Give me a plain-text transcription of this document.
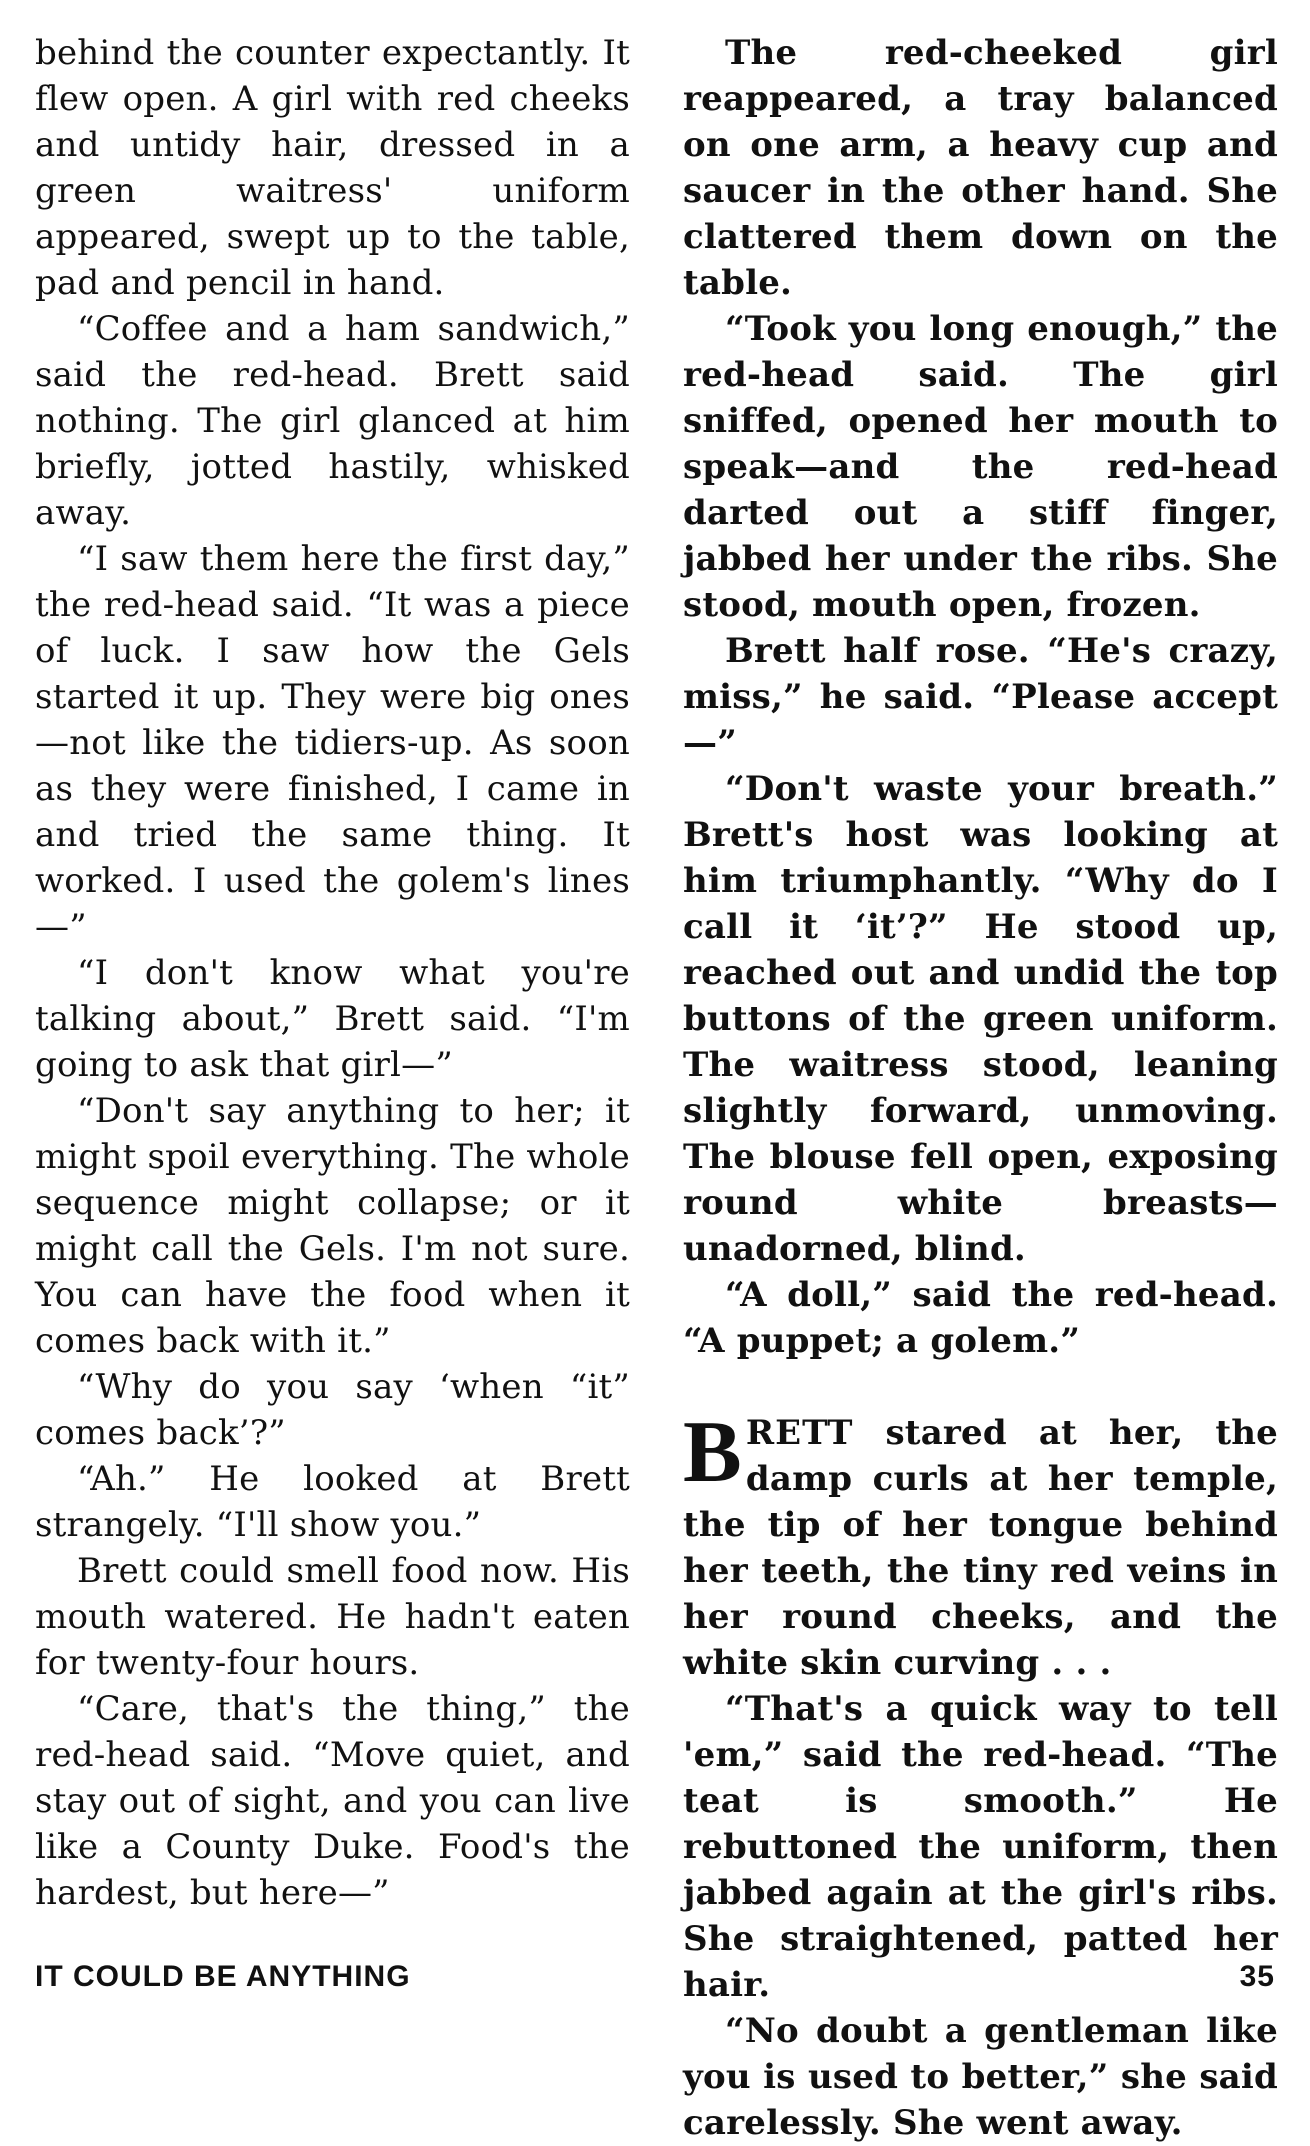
behind the counter expectantly. It flew open. A girl with red cheeks and untidy hair, dressed in a green waitress' uniform appeared, swept up to the table, pad and pencil in hand.

“Coffee and a ham sandwich,” said the red-head. Brett said nothing. The girl glanced at him briefly, jotted hastily, whisked away.

“I saw them here the first day,” the red-head said. “It was a piece of luck. I saw how the Gels started it up. They were big ones—not like the tidiers-up. As soon as they were finished, I came in and tried the same thing. It worked. I used the golem's lines—”

“I don't know what you're talking about,” Brett said. “I'm going to ask that girl—”

“Don't say anything to her; it might spoil everything. The whole sequence might collapse; or it might call the Gels. I'm not sure. You can have the food when it comes back with it.”

“Why do you say ‘when “it” comes back’?”

“Ah.” He looked at Brett strangely. “I'll show you.”

Brett could smell food now. His mouth watered. He hadn't eaten for twenty-four hours.

“Care, that's the thing,” the red-head said. “Move quiet, and stay out of sight, and you can live like a County Duke. Food's the hardest, but here—”

The red-cheeked girl reappeared, a tray balanced on one arm, a heavy cup and saucer in the other hand. She clattered them down on the table.

“Took you long enough,” the red-head said. The girl sniffed, opened her mouth to speak—and the red-head darted out a stiff finger, jabbed her under the ribs. She stood, mouth open, frozen.

Brett half rose. “He's crazy, miss,” he said. “Please accept—”

“Don't waste your breath.” Brett's host was looking at him triumphantly. “Why do I call it ‘it’?” He stood up, reached out and undid the top buttons of the green uniform. The waitress stood, leaning slightly forward, unmoving. The blouse fell open, exposing round white breasts—unadorned, blind.

“A doll,” said the red-head. “A puppet; a golem.”

BRETT stared at her, the damp curls at her temple, the tip of her tongue behind her teeth, the tiny red veins in her round cheeks, and the white skin curving . . .

“That's a quick way to tell 'em,” said the red-head. “The teat is smooth.” He rebuttoned the uniform, then jabbed again at the girl's ribs. She straightened, patted her hair.

“No doubt a gentleman like you is used to better,” she said carelessly. She went away.

IT COULD BE ANYTHING	35
